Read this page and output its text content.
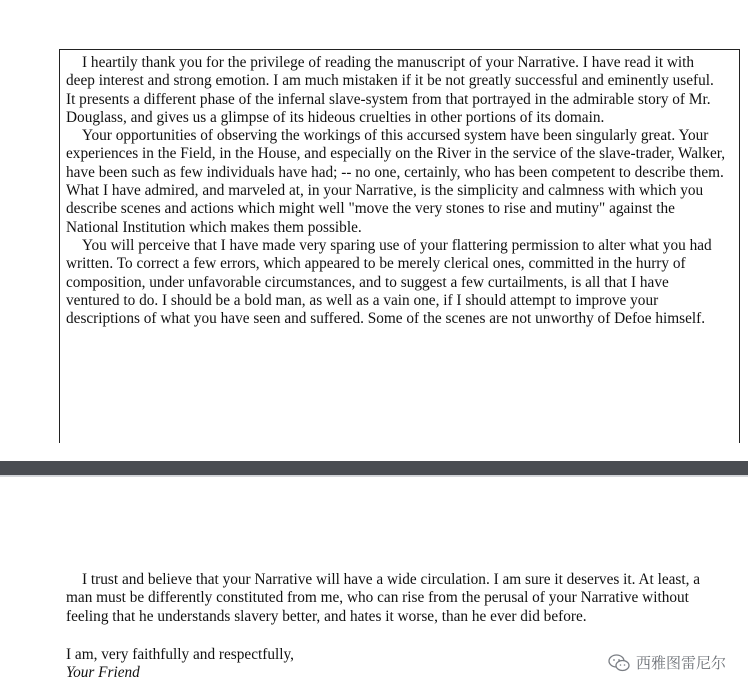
I heartily thank you for the privilege of reading the manuscript of your Narrative. I have read it with deep interest and strong emotion. I am much mistaken if it be not greatly successful and eminently useful. It presents a different phase of the infernal slave-system from that portrayed in the admirable story of Mr. Douglass, and gives us a glimpse of its hideous cruelties in other portions of its domain.

Your opportunities of observing the workings of this accursed system have been singularly great. Your experiences in the Field, in the House, and especially on the River in the service of the slave-trader, Walker, have been such as few individuals have had; -- no one, certainly, who has been competent to describe them. What I have admired, and marveled at, in your Narrative, is the simplicity and calmness with which you describe scenes and actions which might well "move the very stones to rise and mutiny" against the National Institution which makes them possible.

You will perceive that I have made very sparing use of your flattering permission to alter what you had written. To correct a few errors, which appeared to be merely clerical ones, committed in the hurry of composition, under unfavorable circumstances, and to suggest a few curtailments, is all that I have ventured to do. I should be a bold man, as well as a vain one, if I should attempt to improve your descriptions of what you have seen and suffered. Some of the scenes are not unworthy of Defoe himself.

I trust and believe that your Narrative will have a wide circulation. I am sure it deserves it. At least, a man must be differently constituted from me, who can rise from the perusal of your Narrative without feeling that he understands slavery better, and hates it worse, than he ever did before.

I am, very faithfully and respectfully,
Your Friend
西雅图雷尼尔
